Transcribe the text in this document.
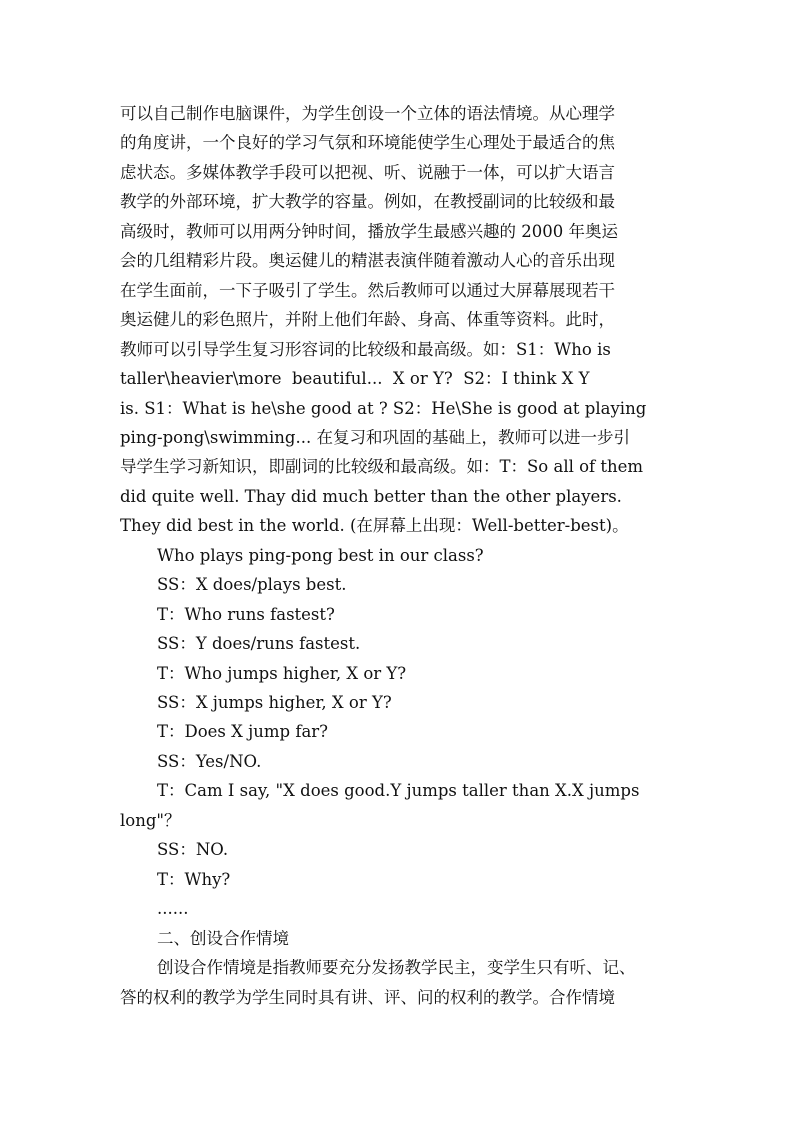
可以自己制作电脑课件，为学生创设一个立体的语法情境。从心理学
的角度讲，一个良好的学习气氛和环境能使学生心理处于最适合的焦
虑状态。多媒体教学手段可以把视、听、说融于一体，可以扩大语言
教学的外部环境，扩大教学的容量。例如，在教授副词的比较级和最
高级时，教师可以用两分钟时间，播放学生最感兴趣的 2000 年奥运
会的几组精彩片段。奥运健儿的精湛表演伴随着激动人心的音乐出现
在学生面前，一下子吸引了学生。然后教师可以通过大屏幕展现若干
奥运健儿的彩色照片，并附上他们年龄、身高、体重等资料。此时，
教师可以引导学生复习形容词的比较级和最高级。如：S1：Who is
taller\heavier\more  beautiful...  X or Y?  S2：I think X Y
is. S1：What is he\she good at ? S2：He\She is good at playing
ping-pong\swimming... 在复习和巩固的基础上，教师可以进一步引
导学生学习新知识，即副词的比较级和最高级。如：T：So all of them
did quite well. Thay did much better than the other players.
They did best in the world. (在屏幕上出现：Well-better-best)。
Who plays ping-pong best in our class?
SS：X does/plays best.
T：Who runs fastest?
SS：Y does/runs fastest.
T：Who jumps higher, X or Y?
SS：X jumps higher, X or Y?
T：Does X jump far?
SS：Yes/NO.
T：Cam I say, "X does good.Y jumps taller than X.X jumps
long"？
SS：NO.
T：Why?
......
二、创设合作情境
创设合作情境是指教师要充分发扬教学民主，变学生只有听、记、
答的权利的教学为学生同时具有讲、评、问的权利的教学。合作情境
